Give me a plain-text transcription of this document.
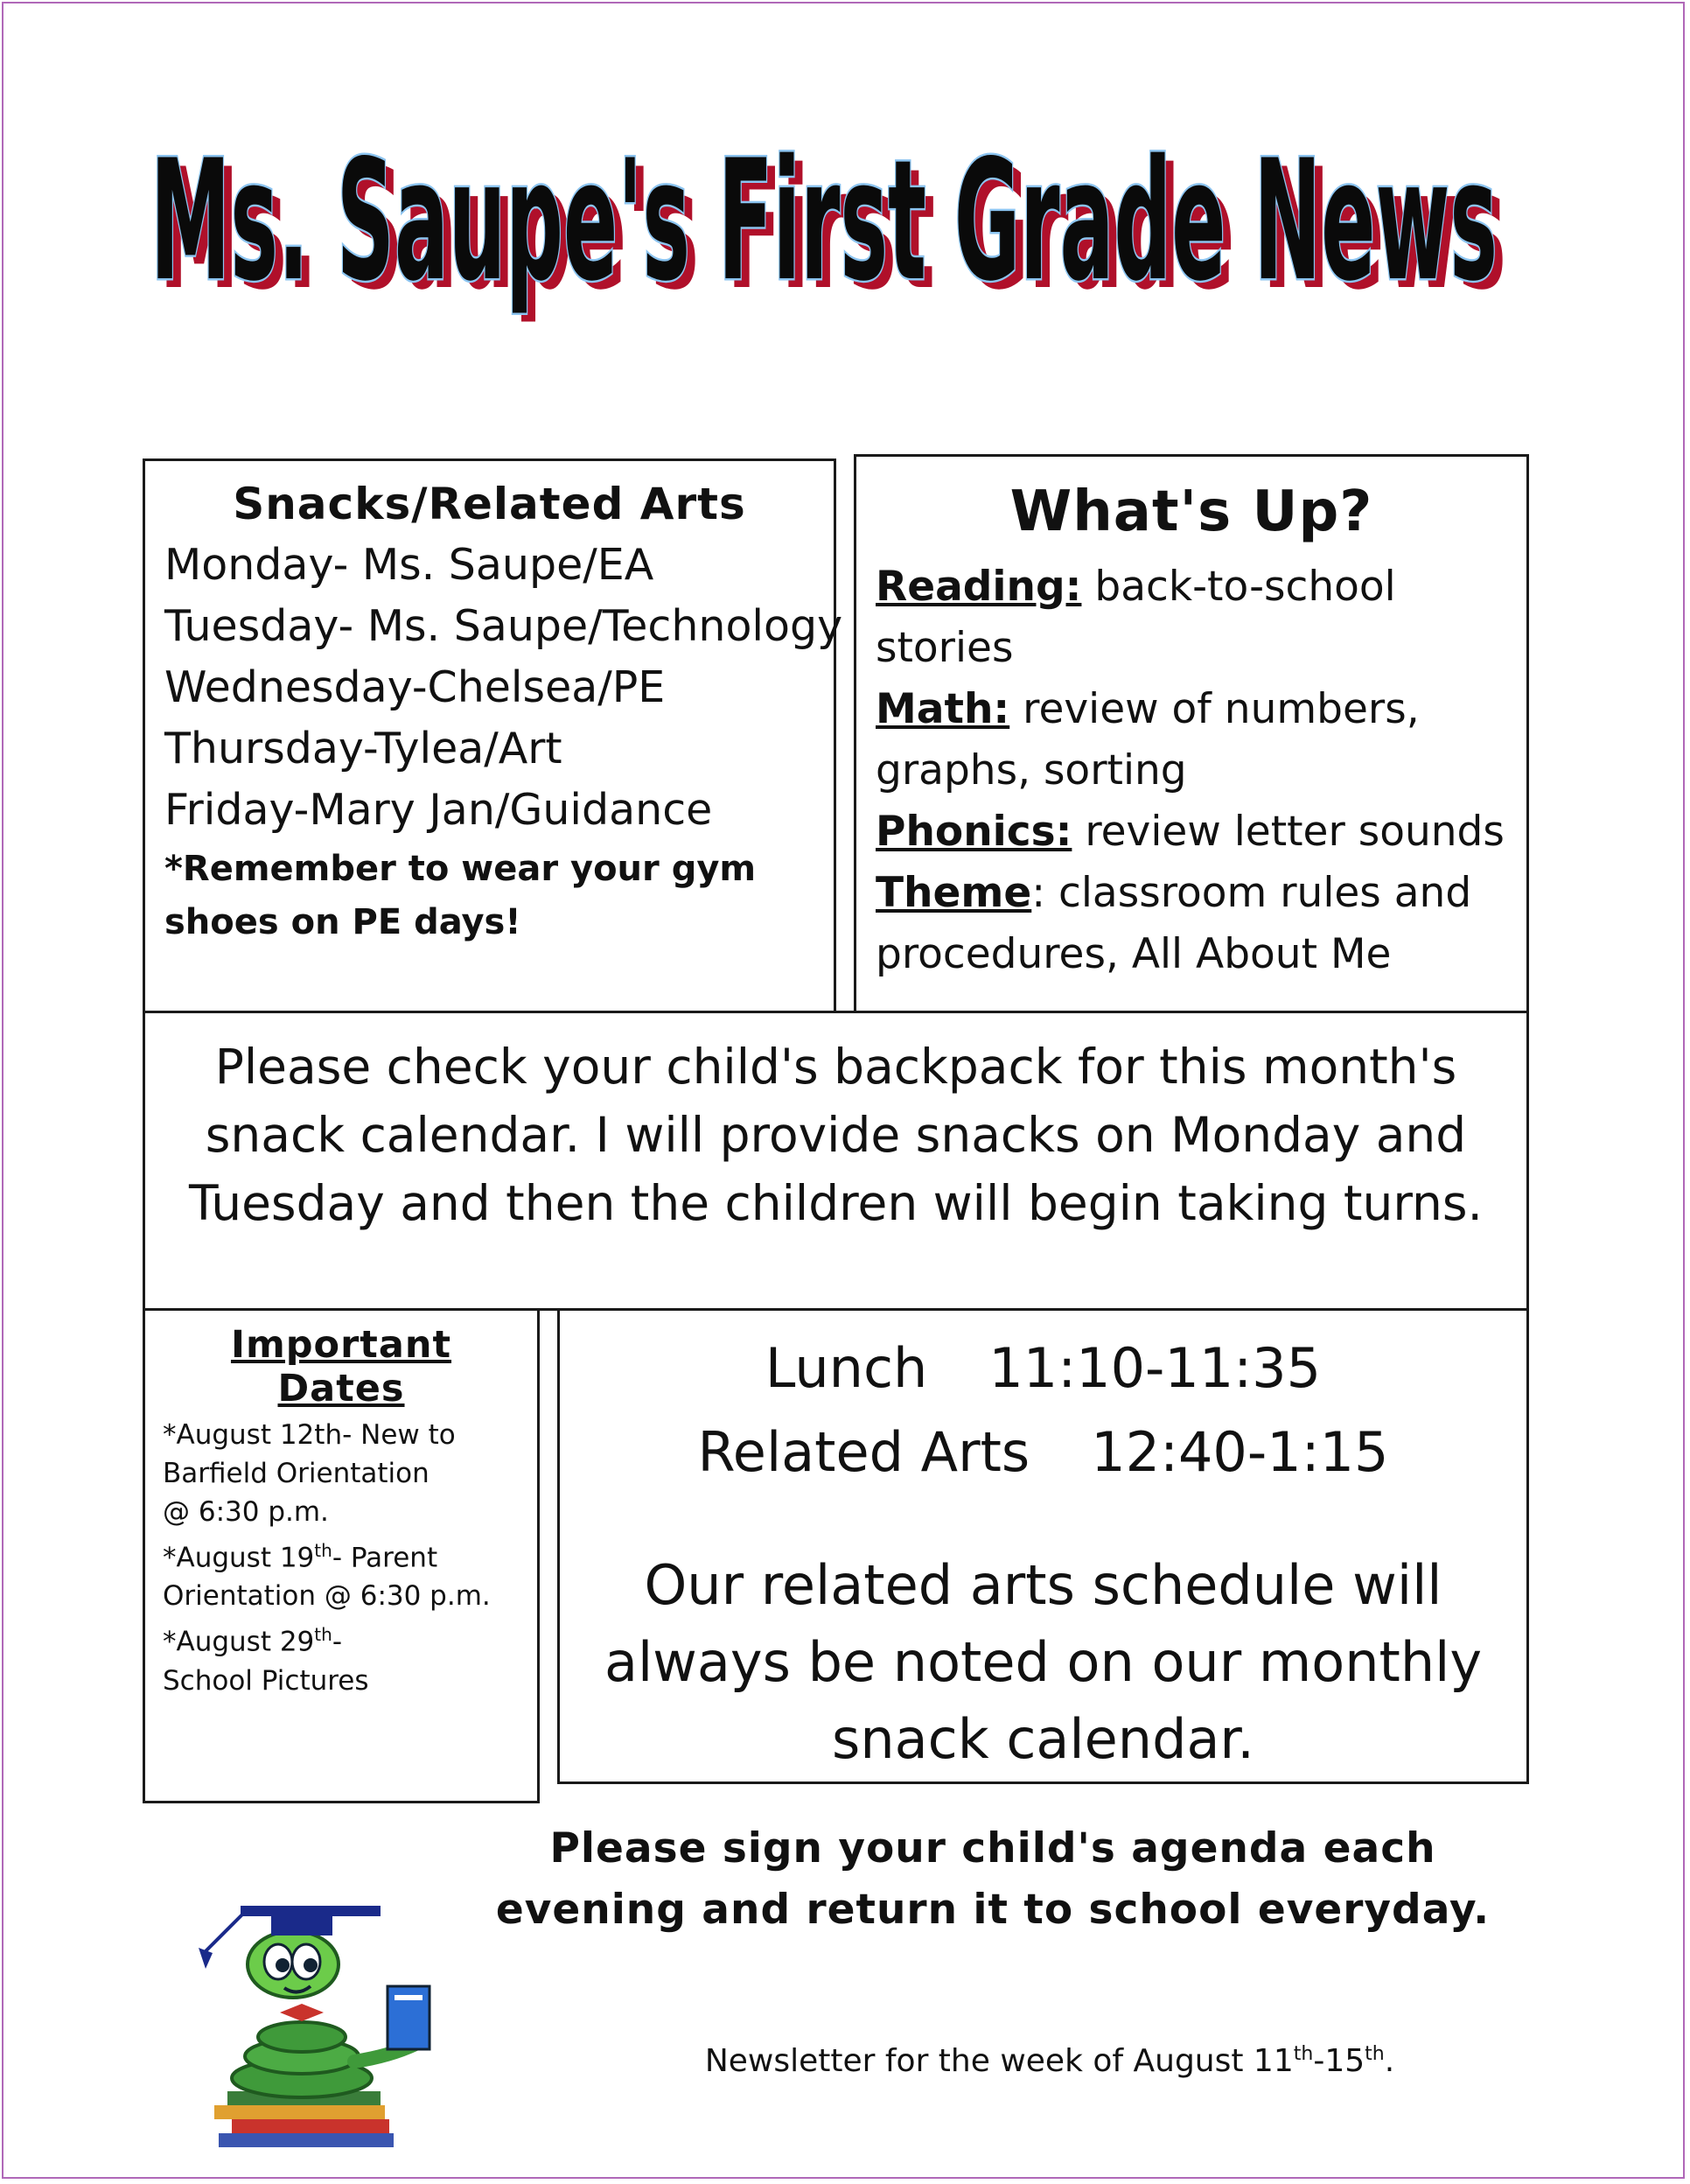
Ms. Saupe's First Grade News
Ms. Saupe's First Grade News
Snacks/Related Arts
Monday- Ms. Saupe/EA
Tuesday- Ms. Saupe/Technology
Wednesday-Chelsea/PE
Thursday-Tylea/Art
Friday-Mary Jan/Guidance
*Remember to wear your gym shoes on PE days!
What's Up?
Reading: back-to-school stories
Math: review of numbers, graphs, sorting
Phonics: review letter sounds
Theme: classroom rules and procedures, All About Me

Please check your child's backpack for this month's snack calendar. I will provide snacks on Monday and Tuesday and then the children will begin taking turns.

Important Dates
*August 12th- New to
Barfield Orientation
@ 6:30 p.m.
*August 19th- Parent
Orientation @ 6:30 p.m.
*August 29th-
School Pictures
Lunch 11:10-11:35
Related Arts 12:40-1:15
Our related arts schedule will always be noted on our monthly snack calendar.
Please sign your child's agenda each evening and return it to school everyday.
Newsletter for the week of August 11th-15th.
